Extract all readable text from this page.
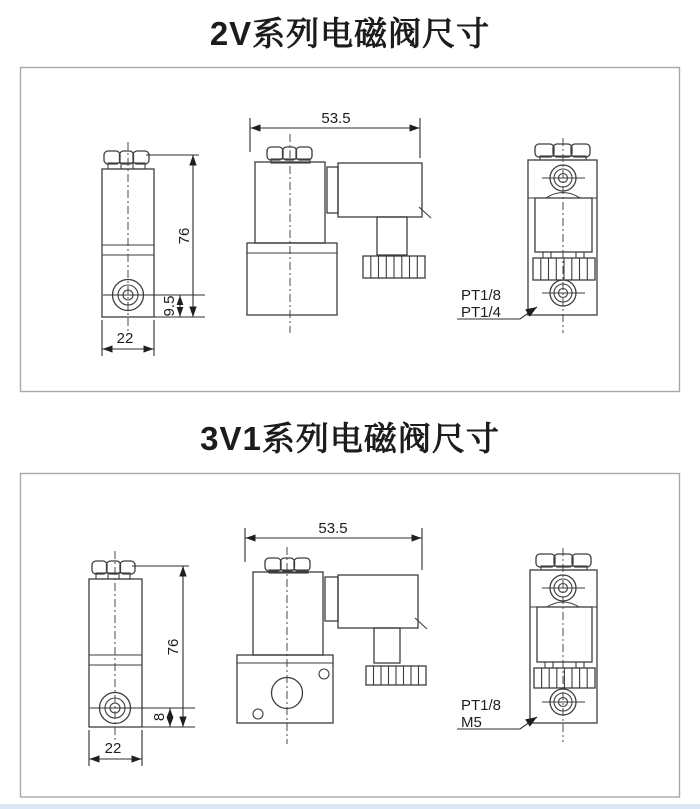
2V系列电磁阀尺寸
3V1系列电磁阀尺寸
76
9.5
22
53.5
PT1/8
PT1/4
76
8
22
53.5
PT1/8
M5
